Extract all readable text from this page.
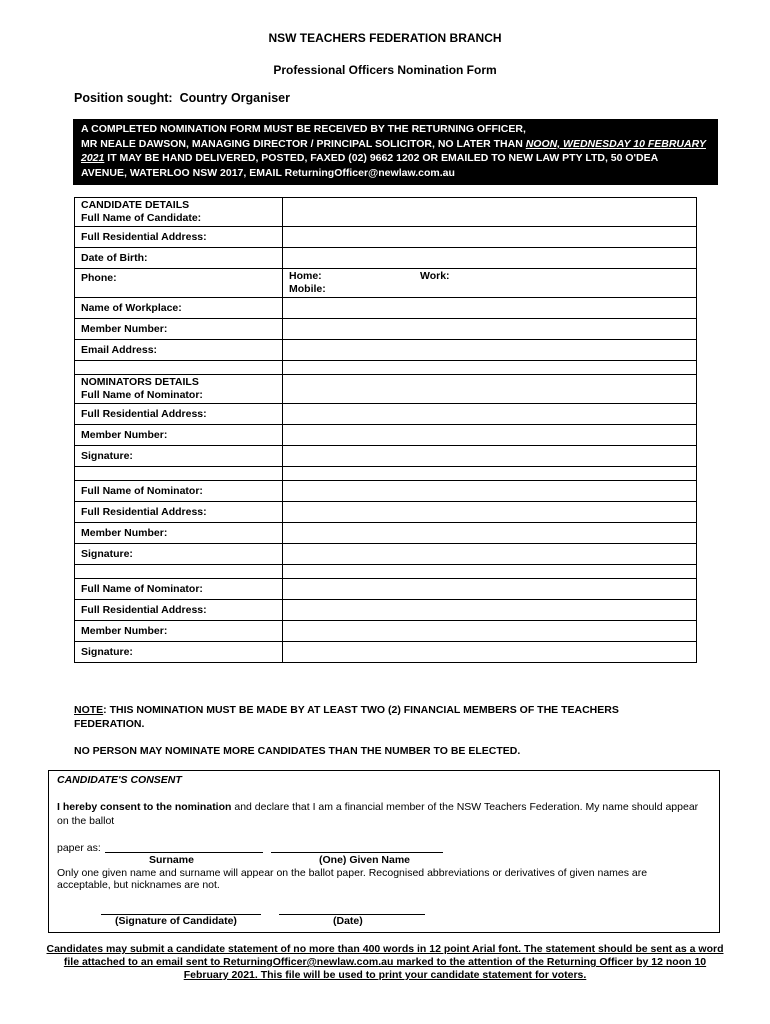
NSW TEACHERS FEDERATION BRANCH
Professional Officers Nomination Form
Position sought: Country Organiser
A COMPLETED NOMINATION FORM MUST BE RECEIVED BY THE RETURNING OFFICER,
MR NEALE DAWSON, MANAGING DIRECTOR / PRINCIPAL SOLICITOR, NO LATER THAN NOON, WEDNESDAY 10 FEBRUARY
2021 IT MAY BE HAND DELIVERED, POSTED, FAXED (02) 9662 1202 OR EMAILED TO NEW LAW PTY LTD, 50 O'DEA
AVENUE, WATERLOO NSW 2017, EMAIL ReturningOfficer@newlaw.com.au
CANDIDATE DETAILS
Full Name of Candidate:	

Full Residential Address:	
Date of Birth:	
Phone:	Home: Work:
Mobile:

Name of Workplace:	
Member Number:	
Email Address:	

NOMINATORS DETAILS
Full Name of Nominator:	

Full Residential Address:	
Member Number:	
Signature:	

Full Name of Nominator:	
Full Residential Address:	
Member Number:	
Signature:	

Full Name of Nominator:	
Full Residential Address:	
Member Number:	
Signature:	
NOTE: THIS NOMINATION MUST BE MADE BY AT LEAST TWO (2) FINANCIAL MEMBERS OF THE TEACHERS FEDERATION.
NO PERSON MAY NOMINATE MORE CANDIDATES THAN THE NUMBER TO BE ELECTED.
CANDIDATE'S CONSENT
I hereby consent to the nomination and declare that I am a financial member of the NSW Teachers Federation. My name should appear on the ballot
paper as:
Surname	(One) Given Name
Only one given name and surname will appear on the ballot paper. Recognised abbreviations or derivatives of given names are acceptable, but nicknames are not.
(Signature of Candidate)	(Date)
Candidates may submit a candidate statement of no more than 400 words in 12 point Arial font. The statement should be sent as a word
file attached to an email sent to ReturningOfficer@newlaw.com.au marked to the attention of the Returning Officer by 12 noon 10
February 2021. This file will be used to print your candidate statement for voters.
